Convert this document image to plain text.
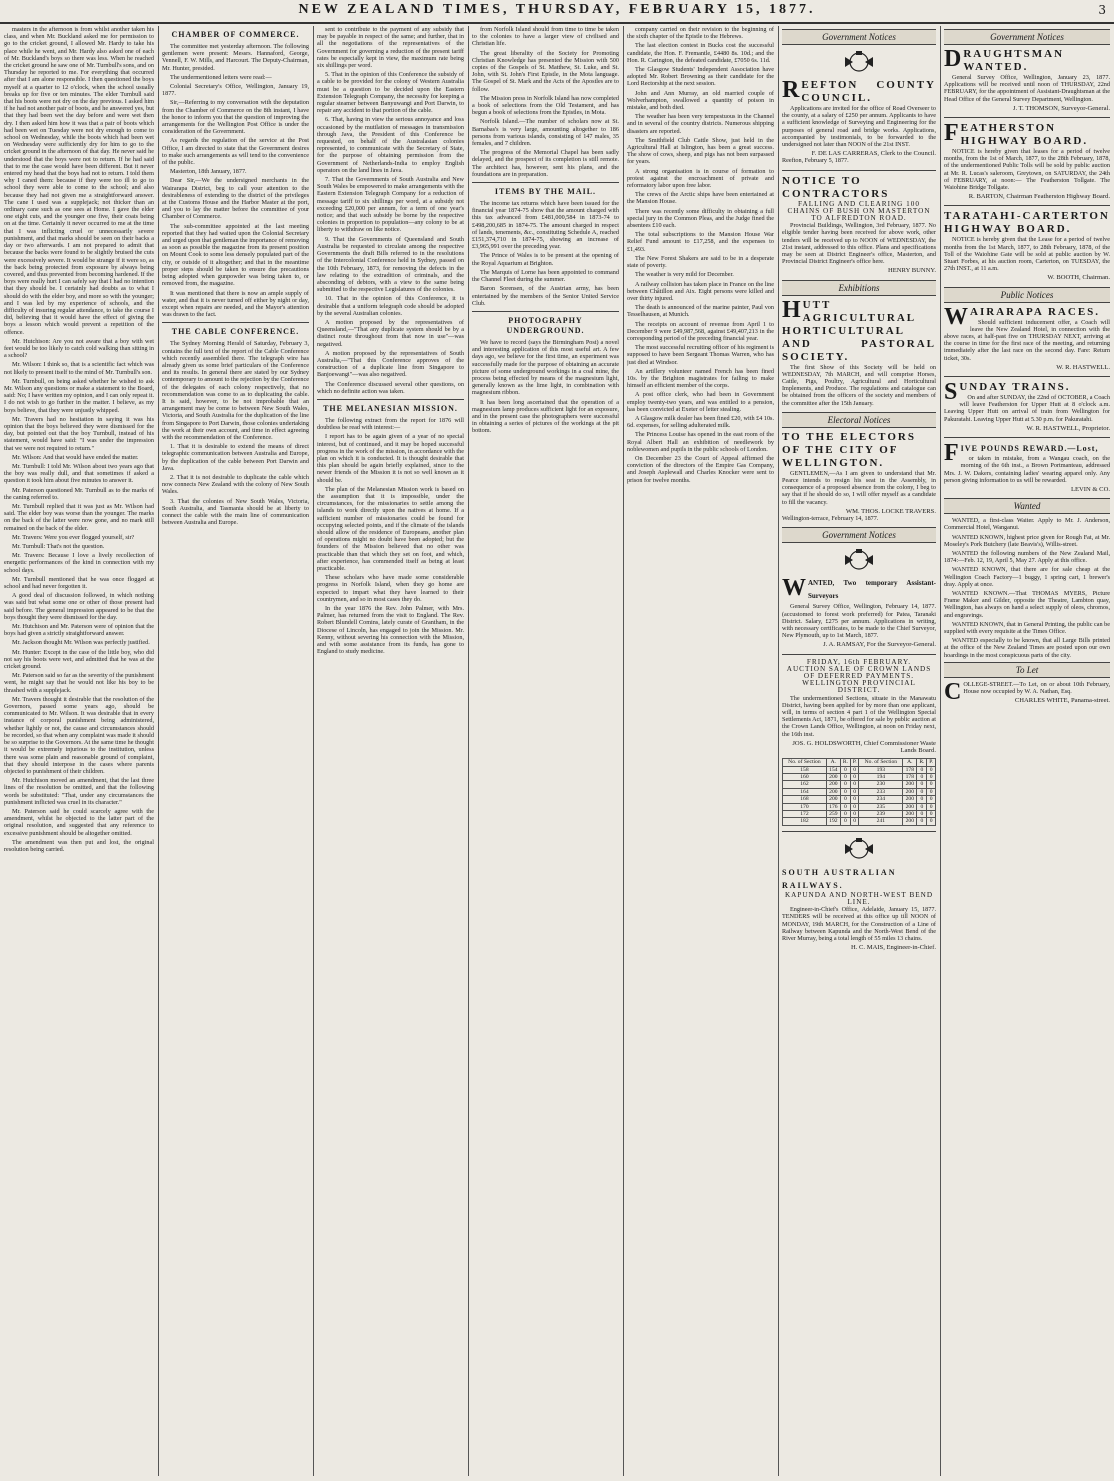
NEW ZEALAND TIMES, THURSDAY, FEBRUARY 15, 1877.	3

masters in the afternoon is from whilst another taken his class, and when Mr. Buckland asked me for permission to go to the cricket ground, I allowed Mr. Hardy to take his place while he went, and Mr. Hardy also asked one of each of Mr. Buckland's boys so there was less. When he reached the cricket ground he saw one of Mr. Turnbull's sons, and on Thursday he reported to me. For everything that occurred after that I am alone responsible. I then questioned the boys myself at a quarter to 12 o'clock, when the school usually breaks up for five or ten minutes. The elder Turnbull said that his boots were not dry on the day previous. I asked him if he had not another pair of boots, and he answered yes, but that they had been wet the day before and were wet then dry. I then asked him how it was that a pair of boots which had been wet on Tuesday were not dry enough to come to school on Wednesday, while the boots which had been wet on Wednesday were sufficiently dry for him to go to the cricket ground in the afternoon of that day. He never said he understood that the boys were not to return. If he had said that to me the case would have been different. But it never entered my head that the boys had not to return. I told them why I caned them: because if they were too ill to go to school they were able to come to the school; and also because they had not given me a straightforward answer. The cane I used was a supplejack; not thicker than an ordinary cane such as one sees at Home. I gave the elder one eight cuts, and the younger one five, their coats being on at the time. Certainly it never occurred to me at the time that I was inflicting cruel or unnecessarily severe punishment, and that marks should be seen on their backs a day or two afterwards. I am not prepared to admit that because the backs were found to be slightly bruised the cuts were excessively severe. It would be strange if it were so, as the back being protected from exposure by always being covered, and thus prevented from becoming hardened. If the boys were really hurt I can safely say that I had no intention that they should be. I certainly had doubts as to what I should do with the elder boy, and more so with the younger; and I was led by my experience of schools, and the difficulty of insuring regular attendance, to take the course I did, believing that it would have the effect of giving the boys a lesson which would prevent a repetition of the offence.

Mr. Hutchison: Are you not aware that a boy with wet feet would be too likely to catch cold walking than sitting in a school?

Mr. Wilson: I think so, that is a scientific fact which was not likely to present itself to the mind of Mr. Turnbull's son.

Mr. Turnbull, on being asked whether he wished to ask Mr. Wilson any questions or make a statement to the Board, said: No; I have written my opinion, and I can only repeat it. I do not wish to go further in the matter. I believe, as my boys believe, that they were unjustly whipped.

Mr. Travers had no hesitation in saying it was his opinion that the boys believed they were dismissed for the day, but pointed out that the boy Turnbull, instead of his statement, would have said: "I was under the impression that we were not required to return."

Mr. Wilson: And that would have ended the matter.

Mr. Turnbull: I told Mr. Wilson about two years ago that the boy was really dull, and that sometimes if asked a question it took him about five minutes to answer it.

Mr. Paterson questioned Mr. Turnbull as to the marks of the caning referred to.

Mr. Turnbull replied that it was just as Mr. Wilson had said. The elder boy was worse than the younger. The marks on the back of the latter were now gone, and no mark still remained on the back of the elder.

Mr. Travers: Were you ever flogged yourself, sir?

Mr. Turnbull: That's not the question.

Mr. Travers: Because I love a lively recollection of energetic performances of the kind in connection with my school days.

Mr. Turnbull mentioned that he was once flogged at school and had never forgotten it.

A good deal of discussion followed, in which nothing was said but what some one or other of those present had said before. The general impression appeared to be that the boys thought they were dismissed for the day.

Mr. Hutchison and Mr. Paterson were of opinion that the boys had given a strictly straightforward answer.

Mr. Jackson thought Mr. Wilson was perfectly justified.

Mr. Hunter: Except in the case of the little boy, who did not say his boots were wet, and admitted that he was at the cricket ground.

Mr. Paterson said so far as the severity of the punishment went, he might say that he would not like his boy to be thrashed with a supplejack.

Mr. Travers thought it desirable that the resolution of the Governors, passed some years ago, should be communicated to Mr. Wilson. It was desirable that in every instance of corporal punishment being administered, whether lightly or not, the cause and circumstances should be recorded, so that when any complaint was made it should be so surprise to the Governors. At the same time he thought it would be extremely injurious to the institution, unless there was some plain and reasonable ground of complaint, that they should interpose in the cases where parents objected to punishment of their children.

Mr. Hutchison moved an amendment, that the last three lines of the resolution be omitted, and that the following words be substituted: "That, under any circumstances the punishment inflicted was cruel in its character."

Mr. Paterson said he could scarcely agree with the amendment, whilst he objected to the latter part of the original resolution, and suggested that any reference to excessive punishment should be altogether omitted.

The amendment was then put and lost, the original resolution being carried.

CHAMBER OF COMMERCE.

The committee met yesterday afternoon. The following gentlemen were present: Messrs. Hannaford, George, Vennell, F. W. Mills, and Harcourt. The Deputy-Chairman, Mr. Hunter, presided.

The undermentioned letters were read:—

Colonial Secretary's Office, Wellington, January 19, 1877.

Sir,—Referring to my conversation with the deputation from the Chamber of Commerce on the 8th instant, I have the honor to inform you that the question of improving the arrangements for the Wellington Post Office is under the consideration of the Government.

As regards the regulation of the service at the Post Office, I am directed to state that the Government desires to make such arrangements as will tend to the convenience of the public.

Masterton, 18th January, 1877.

Dear Sir,—We the undersigned merchants in the Wairarapa District, beg to call your attention to the desirableness of extending to the district of the privileges at the Customs House and the Harbor Master at the port, and you to lay the matter before the committee of your Chamber of Commerce.

The sub-committee appointed at the last meeting reported that they had waited upon the Colonial Secretary and urged upon that gentleman the importance of removing as soon as possible the magazine from its present position on Mount Cook to some less densely populated part of the city, or outside of it altogether; and that in the meantime proper steps should be taken to ensure due precautions being adopted when gunpowder was being taken to, or removed from, the magazine.

It was mentioned that there is now an ample supply of water, and that it is never turned off either by night or day, except when repairs are needed, and the Mayor's attention was drawn to the fact.

THE CABLE CONFERENCE.

The Sydney Morning Herald of Saturday, February 3, contains the full text of the report of the Cable Conference which recently assembled there. The telegraph wire has already given us some brief particulars of the Conference and its results. In general there are stated by our Sydney contemporary to amount to the rejection by the Conference of the delegates of each colony respectively, that no recommendation was come to as to duplicating the cable. It is said, however, to be not improbable that an arrangement may be come to between New South Wales, Victoria, and South Australia for the duplication of the line from Singapore to Port Darwin, those colonies undertaking the work at their own account, and time in effect agreeing with the recommendation of the Conference.

1. That it is desirable to extend the means of direct telegraphic communication between Australia and Europe, by the duplication of the cable between Port Darwin and Java.

2. That it is not desirable to duplicate the cable which now connects New Zealand with the colony of New South Wales.

3. That the colonies of New South Wales, Victoria, South Australia, and Tasmania should be at liberty to connect the cable with the main line of communication between Australia and Europe.

sent to contribute to the payment of any subsidy that may be payable in respect of the same; and further, that in all the negotiations of the representatives of the Government for governing a reduction of the present tariff rates be especially kept in view, the maximum rate being six shillings per word.

5. That in the opinion of this Conference the subsidy of a cable to be provided for the colony of Western Australia must be a question to be decided upon the Eastern Extension Telegraph Company, the necessity for keeping a regular steamer between Banyuwangi and Port Darwin, to repair any accident to that portion of the cable.

6. That, having in view the serious annoyance and loss occasioned by the mutilation of messages in transmission through Java, the President of this Conference be requested, on behalf of the Australasian colonies represented, to communicate with the Secretary of State, for the purpose of obtaining permission from the Government of Netherlands-India to employ English operators on the land lines in Java.

7. That the Governments of South Australia and New South Wales be empowered to make arrangements with the Eastern Extension Telegraph Company for a reduction of message tariff to six shillings per word, at a subsidy not exceeding £20,000 per annum, for a term of one year's notice; and that such subsidy be borne by the respective colonies in proportion to population—any colony to be at liberty to withdraw on like notice.

9. That the Governments of Queensland and South Australia be requested to circulate among the respective Governments the draft Bills referred to in the resolutions of the Intercolonial Conference held in Sydney, passed on the 10th February, 1873, for removing the defects in the law relating to the extradition of criminals, and the absconding of debtors, with a view to the same being submitted to the respective Legislatures of the colonies.

10. That in the opinion of this Conference, it is desirable that a uniform telegraph code should be adopted by the several Australian colonies.

A motion proposed by the representatives of Queensland,—"That any duplicate system should be by a distinct route throughout from that now in use"—was negatived.

A motion proposed by the representatives of South Australia,—"That this Conference approves of the construction of a duplicate line from Singapore to Banjoewangi"—was also negatived.

The Conference discussed several other questions, on which no definite action was taken.

THE MELANESIAN MISSION.

The following extract from the report for 1876 will doubtless be read with interest:—

I report has to be again given of a year of no special interest, but of continued, and it may be hoped successful progress in the work of the mission, in accordance with the plan on which it is conducted. It is thought desirable that this plan should be again briefly explained, since to the newer friends of the Mission it is not so well known as it should be.

The plan of the Melanesian Mission work is based on the assumption that it is impossible, under the circumstances, for the missionaries to settle among the islands to work directly upon the natives at home. If a sufficient number of missionaries could be found for occupying selected points, and if the climate of the islands should allow of the residence of Europeans, another plan of operations might no doubt have been adopted; but the founders of the Mission believed that no other was practicable than that which they set on foot, and which, after experience, has commended itself as being at least practicable.

These scholars who have made some considerable progress in Norfolk Island, when they go home are expected to impart what they have learned to their countrymen, and so in most cases they do.

In the year 1876 the Rev. John Palmer, with Mrs. Palmer, has returned from the visit to England. The Rev. Robert Blundell Comins, lately curate of Grantham, in the Diocese of Lincoln, has engaged to join the Mission. Mr. Kenny, without severing his connection with the Mission, and with some assistance from its funds, has gone to England to study medicine.

from Norfolk Island should from time to time be taken to the colonies to have a larger view of civilised and Christian life.

The great liberality of the Society for Promoting Christian Knowledge has presented the Mission with 500 copies of the Gospels of St. Matthew, St. Luke, and St. John, with St. John's First Epistle, in the Mota language. The Gospel of St. Mark and the Acts of the Apostles are to follow.

The Mission press in Norfolk Island has now completed a book of selections from the Old Testament, and has begun a book of selections from the Epistles, in Mota.

Norfolk Island.—The number of scholars now at St. Barnabas's is very large, amounting altogether to 186 persons from various islands, consisting of 147 males, 35 females, and 7 children.

The progress of the Memorial Chapel has been sadly delayed, and the prospect of its completion is still remote. The architect has, however, sent his plans, and the foundations are in preparation.

ITEMS BY THE MAIL.

The income tax returns which have been issued for the financial year 1874-75 show that the amount charged with this tax advanced from £481,000,584 in 1873-74 to £498,200,685 in 1874-75. The amount charged in respect of lands, tenements, &c., constituting Schedule A, reached £151,374,710 in 1874-75, showing an increase of £3,965,991 over the preceding year.

The Prince of Wales is to be present at the opening of the Royal Aquarium at Brighton.

The Marquis of Lorne has been appointed to command the Channel Fleet during the summer.

Baron Sorensen, of the Austrian army, has been entertained by the members of the Senior United Service Club.

PHOTOGRAPHY UNDERGROUND.

We have to record (says the Birmingham Post) a novel and interesting application of this most useful art. A few days ago, we believe for the first time, an experiment was successfully made for the purpose of obtaining an accurate picture of some underground workings in a coal mine, the process being effected by means of the magnesium light, generally known as the lime light, in combination with magnesium ribbon.

It has been long ascertained that the operation of a magnesium lamp produces sufficient light for an exposure, and in the present case the photographers were successful in obtaining a series of pictures of the workings at the pit bottom.

company carried on their revision to the beginning of the sixth chapter of the Epistle to the Hebrews.

The last election contest in Bucks cost the successful candidate, the Hon. F. Fremantle, £4480 8s. 10d.; and the Hon. R. Carington, the defeated candidate, £7050 6s. 11d.

The Glasgow Students' Independent Association have adopted Mr. Robert Browning as their candidate for the Lord Rectorship at the next session.

John and Ann Murray, an old married couple of Wolverhampton, swallowed a quantity of poison in mistake, and both died.

The weather has been very tempestuous in the Channel and in several of the country districts. Numerous shipping disasters are reported.

The Smithfield Club Cattle Show, just held in the Agricultural Hall at Islington, has been a great success. The show of cows, sheep, and pigs has not been surpassed for years.

A strong organisation is in course of formation to protest against the encroachment of private and reformatory labor upon free labor.

The crews of the Arctic ships have been entertained at the Mansion House.

There was recently some difficulty in obtaining a full special jury in the Common Pleas, and the Judge fined the absentees £10 each.

The total subscriptions to the Mansion House War Relief Fund amount to £17,258, and the expenses to £1,493.

The New Forest Shakers are said to be in a desperate state of poverty.

The weather is very mild for December.

A railway collision has taken place in France on the line between Châtillon and Aix. Eight persons were killed and over thirty injured.

The death is announced of the marine painter, Paul von Tesselhausen, at Munich.

The receipts on account of revenue from April 1 to December 9 were £49,987,568, against £49,407,213 in the corresponding period of the preceding financial year.

The most successful recruiting officer of his regiment is supposed to have been Sergeant Thomas Warren, who has just died at Windsor.

An artillery volunteer named French has been fined 10s. by the Brighton magistrates for failing to make himself an efficient member of the corps.

A post office clerk, who had been in Government employ twenty-two years, and was entitled to a pension, has been convicted at Exeter of letter stealing.

A Glasgow milk dealer has been fined £20, with £4 10s. 6d. expenses, for selling adulterated milk.

The Princess Louise has opened in the east room of the Royal Albert Hall an exhibition of needlework by noblewomen and pupils in the public schools of London.

On December 23 the Court of Appeal affirmed the conviction of the directors of the Empire Gas Company, and Joseph Asplewall and Charles Knocker were sent to prison for twelve months.

Government Notices
REEFTON COUNTY COUNCIL.

Applications are invited for the office of Road Overseer to the county, at a salary of £250 per annum. Applicants to have a sufficient knowledge of Surveying and Engineering for the purposes of general road and bridge works. Applications, accompanied by testimonials, to be forwarded to the undersigned not later than NOON of the 21st INST.

F. DE LAS CARRERAS, Clerk to the Council.
Reefton, February 5, 1877.
NOTICE TO CONTRACTORS
FALLING AND CLEARING 100 CHAINS OF BUSH ON MASTERTON TO ALFREDTON ROAD.

Provincial Buildings, Wellington, 3rd February, 1877. No eligible tender having been received for above work, other tenders will be received up to NOON of WEDNESDAY, the 21st instant, addressed to this office. Plans and specifications may be seen at District Engineer's office, Masterton, and Provincial District Engineer's office here.

HENRY BUNNY.
Exhibitions
HUTT AGRICULTURAL HORTICULTURAL AND PASTORAL SOCIETY.

The first Show of this Society will be held on WEDNESDAY, 7th MARCH, and will comprise Horses, Cattle, Pigs, Poultry, Agricultural and Horticultural Implements, and Produce. The regulations and catalogue can be obtained from the officers of the society and members of the committee after the 15th January.

Electoral Notices
TO THE ELECTORS OF THE CITY OF WELLINGTON.

GENTLEMEN,—As I am given to understand that Mr. Pearce intends to resign his seat in the Assembly, in consequence of a proposed absence from the colony, I beg to say that if he should do so, I will offer myself as a candidate to fill the vacancy.

WM. THOS. LOCKE TRAVERS.
Wellington-terrace, February 14, 1877.
Government Notices
WANTED, Two temporary Assistant-Surveyors

General Survey Office, Wellington, February 14, 1877. (accustomed to forest work preferred) for Patea, Taranaki District. Salary, £275 per annum. Applications in writing, with necessary certificates, to be made to the Chief Surveyor, New Plymouth, up to 1st March, 1877.

J. A. RAMSAY, For the Surveyor-General.
FRIDAY, 16th FEBRUARY.
AUCTION SALE OF CROWN LANDS OF DEFERRED PAYMENTS.
WELLINGTON PROVINCIAL DISTRICT.

The undermentioned Sections, situate in the Manawatu District, having been applied for by more than one applicant, will, in terms of section 4 part 1 of the Wellington Special Settlements Act, 1871, be offered for sale by public auction at the Crown Lands Office, Wellington, at noon on Friday next, the 16th inst.

JOS. G. HOLDSWORTH, Chief Commissioner Waste Lands Board.
No. of Section	A.	R.	P.	No. of Section	A.	R.	P.
158	154	0	0	193	178	0	0
160	200	0	0	194	178	0	0
162	200	0	0	230	200	0	0
164	200	0	0	233	200	0	0
168	200	0	0	234	200	0	0
170	176	0	0	235	200	0	0
172	259	0	0	239	200	0	0
182	192	0	0	241	200	0	0
SOUTH AUSTRALIAN RAILWAYS.
KAPUNDA AND NORTH-WEST BEND LINE.

Engineer-in-Chief's Office, Adelaide, January 15, 1877. TENDERS will be received at this office up till NOON of MONDAY, 19th MARCH, for the Construction of a Line of Railway between Kapunda and the North-West Bend of the River Murray, being a total length of 55 miles 13 chains.

H. C. MAIS, Engineer-in-Chief.
Government Notices
DRAUGHTSMAN WANTED.

General Survey Office, Wellington, January 23, 1877. Applications will be received until noon of THURSDAY, 22nd FEBRUARY, for the appointment of Assistant-Draughtsman at the Head Office of the General Survey Department, Wellington.

J. T. THOMSON, Surveyor-General.
FEATHERSTON HIGHWAY BOARD.

NOTICE is hereby given that leases for a period of twelve months, from the 1st of March, 1877, to the 28th February, 1878, of the undermentioned Public Tolls will be sold by public auction at Mr. R. Lucas's saleroom, Greytown, on SATURDAY, the 24th of FEBRUARY, at noon:— The Featherston Tollgate. The Waiohine Bridge Tollgate.

R. BARTON, Chairman Featherston Highway Board.
TARATAHI-CARTERTON HIGHWAY BOARD.

NOTICE is hereby given that the Lease for a period of twelve months from the 1st March, 1877, to 28th February, 1878, of the Toll of the Waiohine Gate will be sold at public auction by W. Stuart Forbes, at his auction room, Carterton, on TUESDAY, the 27th INST., at 11 a.m.

W. BOOTH, Chairman.
Public Notices
WAIRARAPA RACES.

Should sufficient inducement offer, a Coach will leave the New Zealand Hotel, in connection with the above races, at half-past five on THURSDAY NEXT, arriving at the course in time for the first race of the meeting, and returning immediately after the last race on the second day. Fare: Return ticket, 30s.

W. R. HASTWELL.
SUNDAY TRAINS.

On and after SUNDAY, the 22nd of OCTOBER, a Coach will leave Featherston for Upper Hutt at 8 o'clock a.m. Leaving Upper Hutt on arrival of train from Wellington for Pakuratahi. Leaving Upper Hutt at 5.30 p.m. for Pakuratahi.

W. R. HASTWELL, Proprietor.
FIVE POUNDS REWARD.—Lost,

or taken in mistake, from a Wangau coach, on the morning of the 6th inst., a Brown Portmanteau, addressed Mrs. J. W. Dakers, containing ladies' wearing apparel only. Any person giving information to us will be rewarded.

LEVIN & CO.
Wanted

WANTED, a first-class Waiter. Apply to Mr. J. Anderson, Commercial Hotel, Wanganui.

WANTED KNOWN, highest price given for Rough Fat, at Mr. Moseley's Pork Butchery (late Beavis's), Willis-street.

WANTED the following numbers of the New Zealand Mail, 1874:—Feb. 12, 19, April 5, May 27. Apply at this office.

WANTED KNOWN, that there are for sale cheap at the Wellington Coach Factory—1 buggy, 1 spring cart, 1 brewer's dray. Apply at once.

WANTED KNOWN.—That THOMAS MYERS, Picture Frame Maker and Gilder, opposite the Theatre, Lambton quay, Wellington, has always on hand a select supply of oleos, chromos, and engravings.

WANTED KNOWN, that in General Printing, the public can be supplied with every requisite at the Times Office.

WANTED especially to be known, that all Large Bills printed at the office of the New Zealand Times are posted upon our own hoardings in the most conspicuous parts of the city.

To Let
COLLEGE-STREET.—To Let, on or about 10th February, House now occupied by W. A. Nathan, Esq.
CHARLES WHITE, Panama-street.
